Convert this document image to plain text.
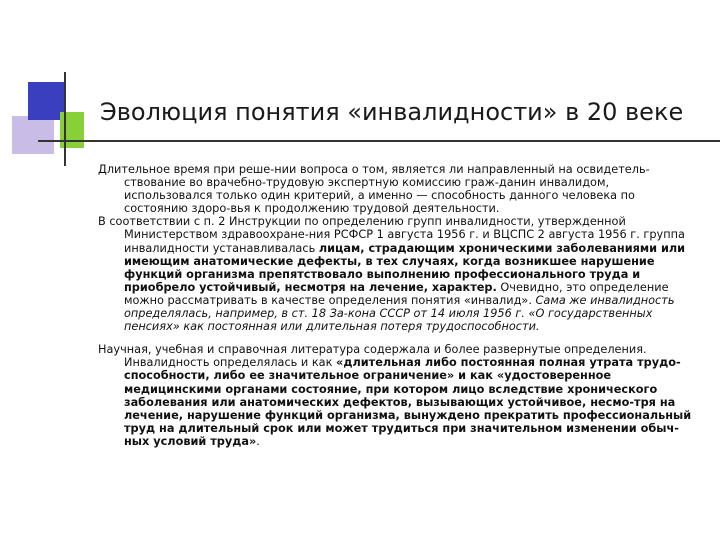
Эволюция понятия «инвалидности» в 20 веке

Длительное время при реше-нии вопроса о том, является ли направленный на освидетель-ствование во врачебно-трудовую экспертную комиссию граж-данин инвалидом, использовался только один критерий, а именно — способность данного человека по состоянию здоро-вья к продолжению трудовой деятельности.

В соответствии с п. 2 Инструкции по определению групп инвалидности, утвержденной Министерством здравоохране-ния РСФСР 1 августа 1956 г. и ВЦСПС 2 августа 1956 г. группа инвалидности устанавливалась лицам, страдающим хроническими заболеваниями или имеющим анатомические дефекты, в тех случаях, когда возникшее нарушение функций организма препятствовало выполнению профессионального труда и приобрело устойчивый, несмотря на лечение, характер. Очевидно, это определение можно рассматривать в качестве определения понятия «инвалид». Сама же инвалидность определялась, например, в ст. 18 За-кона СССР от 14 июля 1956 г. «О государственных пенсиях» как постоянная или длительная потеря трудоспособности.

Научная, учебная и справочная литература содержала и более развернутые определения. Инвалидность определялась и как «длительная либо постоянная полная утрата трудо-способности, либо ее значительное ограничение» и как «удостоверенное медицинскими органами состояние, при котором лицо вследствие хронического заболевания или анатомических дефектов, вызывающих устойчивое, несмо-тря на лечение, нарушение функций организма, вынуждено прекратить профессиональный труд на длительный срок или может трудиться при значительном изменении обыч-ных условий труда».
